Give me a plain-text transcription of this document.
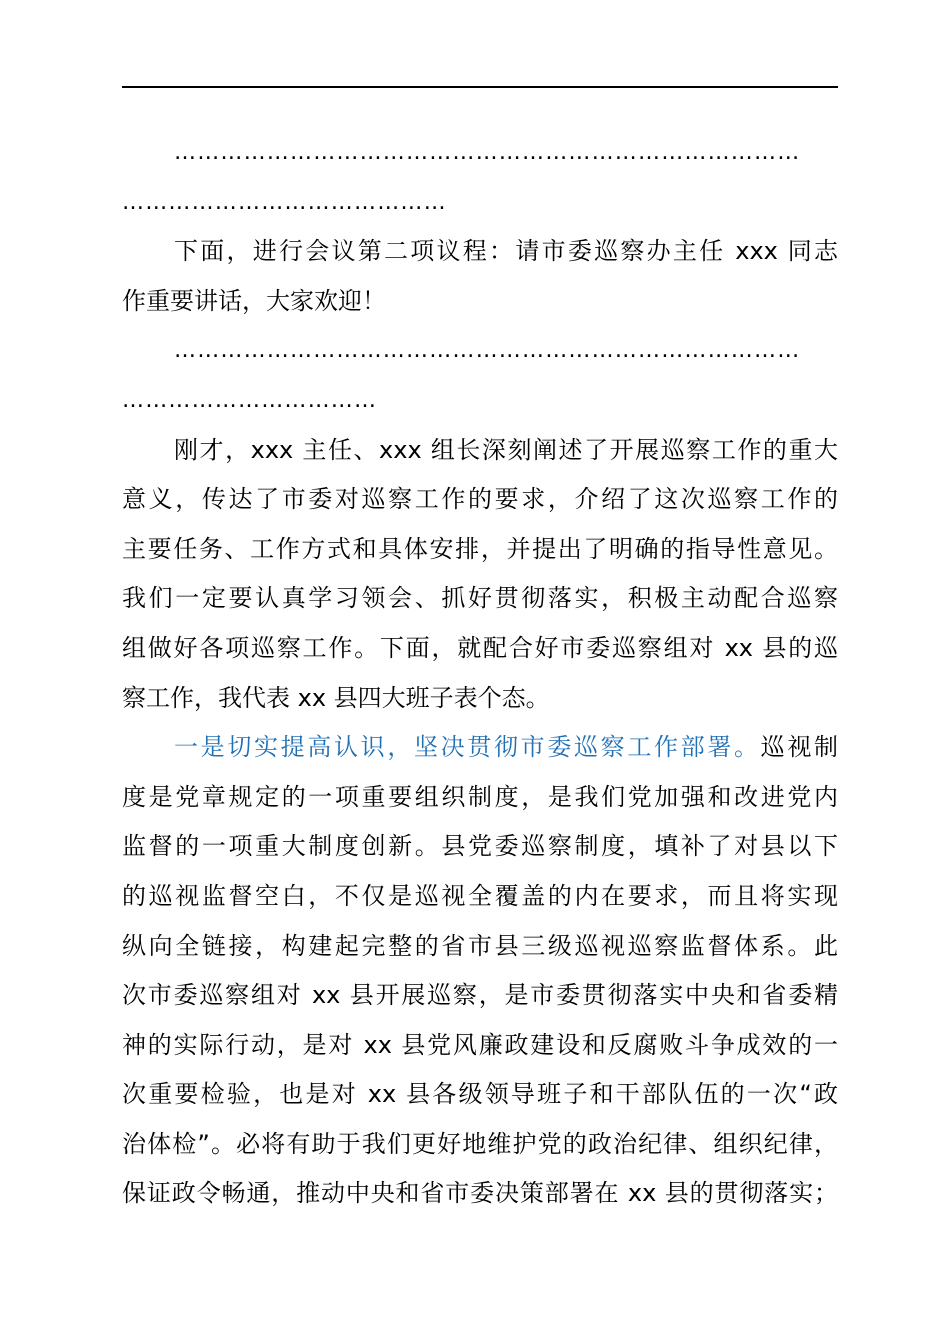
………………………………………………………………………
……………………………………
下面，进行会议第二项议程：请市委巡察办主任 xxx 同志
作重要讲话，大家欢迎！
………………………………………………………………………
……………………………
刚才，xxx 主任、xxx 组长深刻阐述了开展巡察工作的重大
意义，传达了市委对巡察工作的要求，介绍了这次巡察工作的
主要任务、工作方式和具体安排，并提出了明确的指导性意见。
我们一定要认真学习领会、抓好贯彻落实，积极主动配合巡察
组做好各项巡察工作。下面，就配合好市委巡察组对 xx 县的巡
察工作，我代表 xx 县四大班子表个态。
一是切实提高认识，坚决贯彻市委巡察工作部署。巡视制
度是党章规定的一项重要组织制度，是我们党加强和改进党内
监督的一项重大制度创新。县党委巡察制度，填补了对县以下
的巡视监督空白，不仅是巡视全覆盖的内在要求，而且将实现
纵向全链接，构建起完整的省市县三级巡视巡察监督体系。此
次市委巡察组对 xx 县开展巡察，是市委贯彻落实中央和省委精
神的实际行动，是对 xx 县党风廉政建设和反腐败斗争成效的一
次重要检验，也是对 xx 县各级领导班子和干部队伍的一次“政
治体检”。必将有助于我们更好地维护党的政治纪律、组织纪律，
保证政令畅通，推动中央和省市委决策部署在 xx 县的贯彻落实；
